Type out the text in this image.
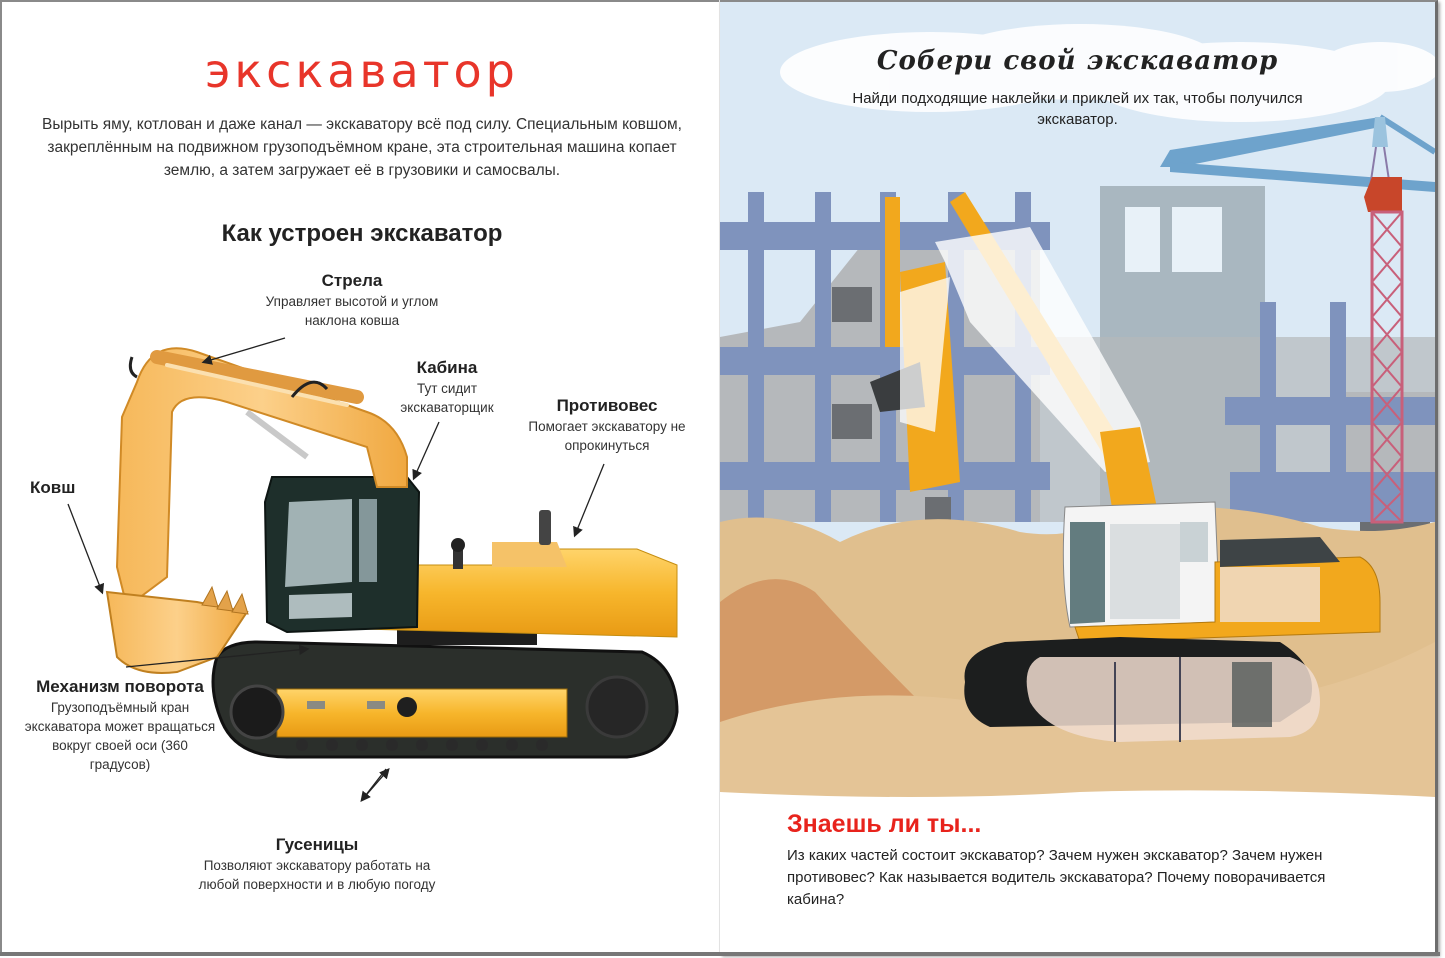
экскаватор

Вырыть яму, котлован и даже канал — экскаватору всё под силу. Специальным ковшом, закреплённым на подвижном грузоподъёмном кране, эта строительная машина копает землю, а затем загружает её в грузовики и самосвалы.

Как устроен экскаватор
Стрела
Управляет высотой и углом наклона ковша
Кабина
Тут сидит экскаваторщик	Противовес
Помогает экскаватору не опрокинуться
Ковш
Механизм поворота
Грузоподъёмный кран экскаватора может вращаться вокруг своей оси (360 градусов)
Гусеницы
Позволяют экскаватору работать на любой поверхности и в любую погоду
Собери свой экскаватор

Найди подходящие наклейки и приклей их так, чтобы получился экскаватор.

Знаешь ли ты...

Из каких частей состоит экскаватор? Зачем нужен экскаватор? Зачем нужен противовес? Как называется водитель экскаватора? Почему поворачивается кабина?
